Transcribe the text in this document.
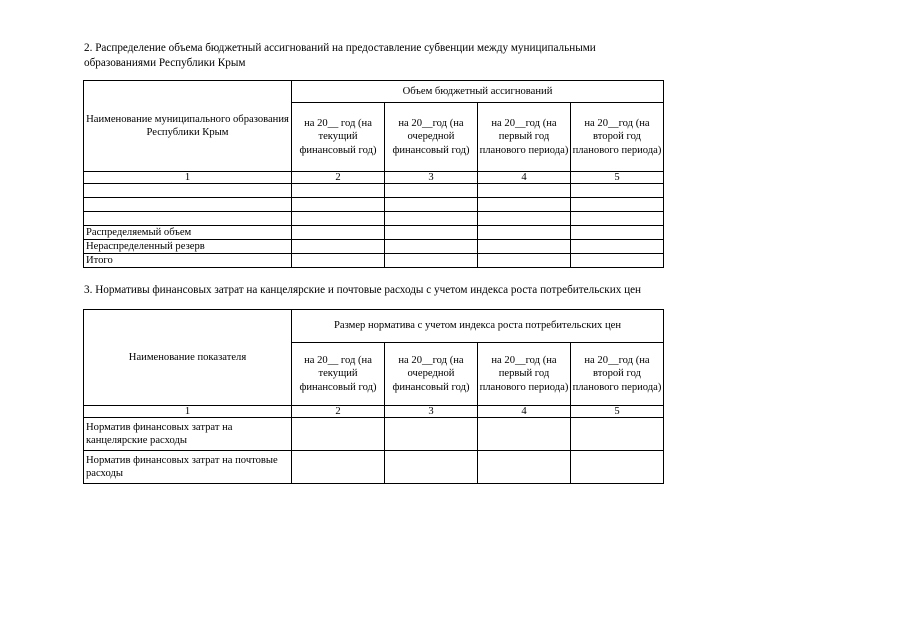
2. Распределение объема бюджетный ассигнований на предоставление субвенции между муниципальными
образованиями Республики Крым
Наименование муниципального образования Республики Крым	Объем бюджетный ассигнований			
	на 20__ год (на текущий финансовый год)	на 20__год (на очередной финансовый год)	на 20__год (на первый год планового периода)	на 20__год (на второй год планового периода)
1	2	3	4	5

Распределяемый объем				
Нераспределенный резерв				
Итого				
3. Нормативы финансовых затрат на канцелярские и почтовые расходы с учетом индекса роста потребительских цен
Наименование показателя	Размер норматива с учетом индекса роста потребительских цен			
	на 20__ год (на текущий финансовый год)	на 20__год (на очередной финансовый год)	на 20__год (на первый год планового периода)	на 20__год (на второй год планового периода)
1	2	3	4	5
Норматив финансовых затрат на канцелярские расходы				
Норматив финансовых затрат на почтовые расходы				
